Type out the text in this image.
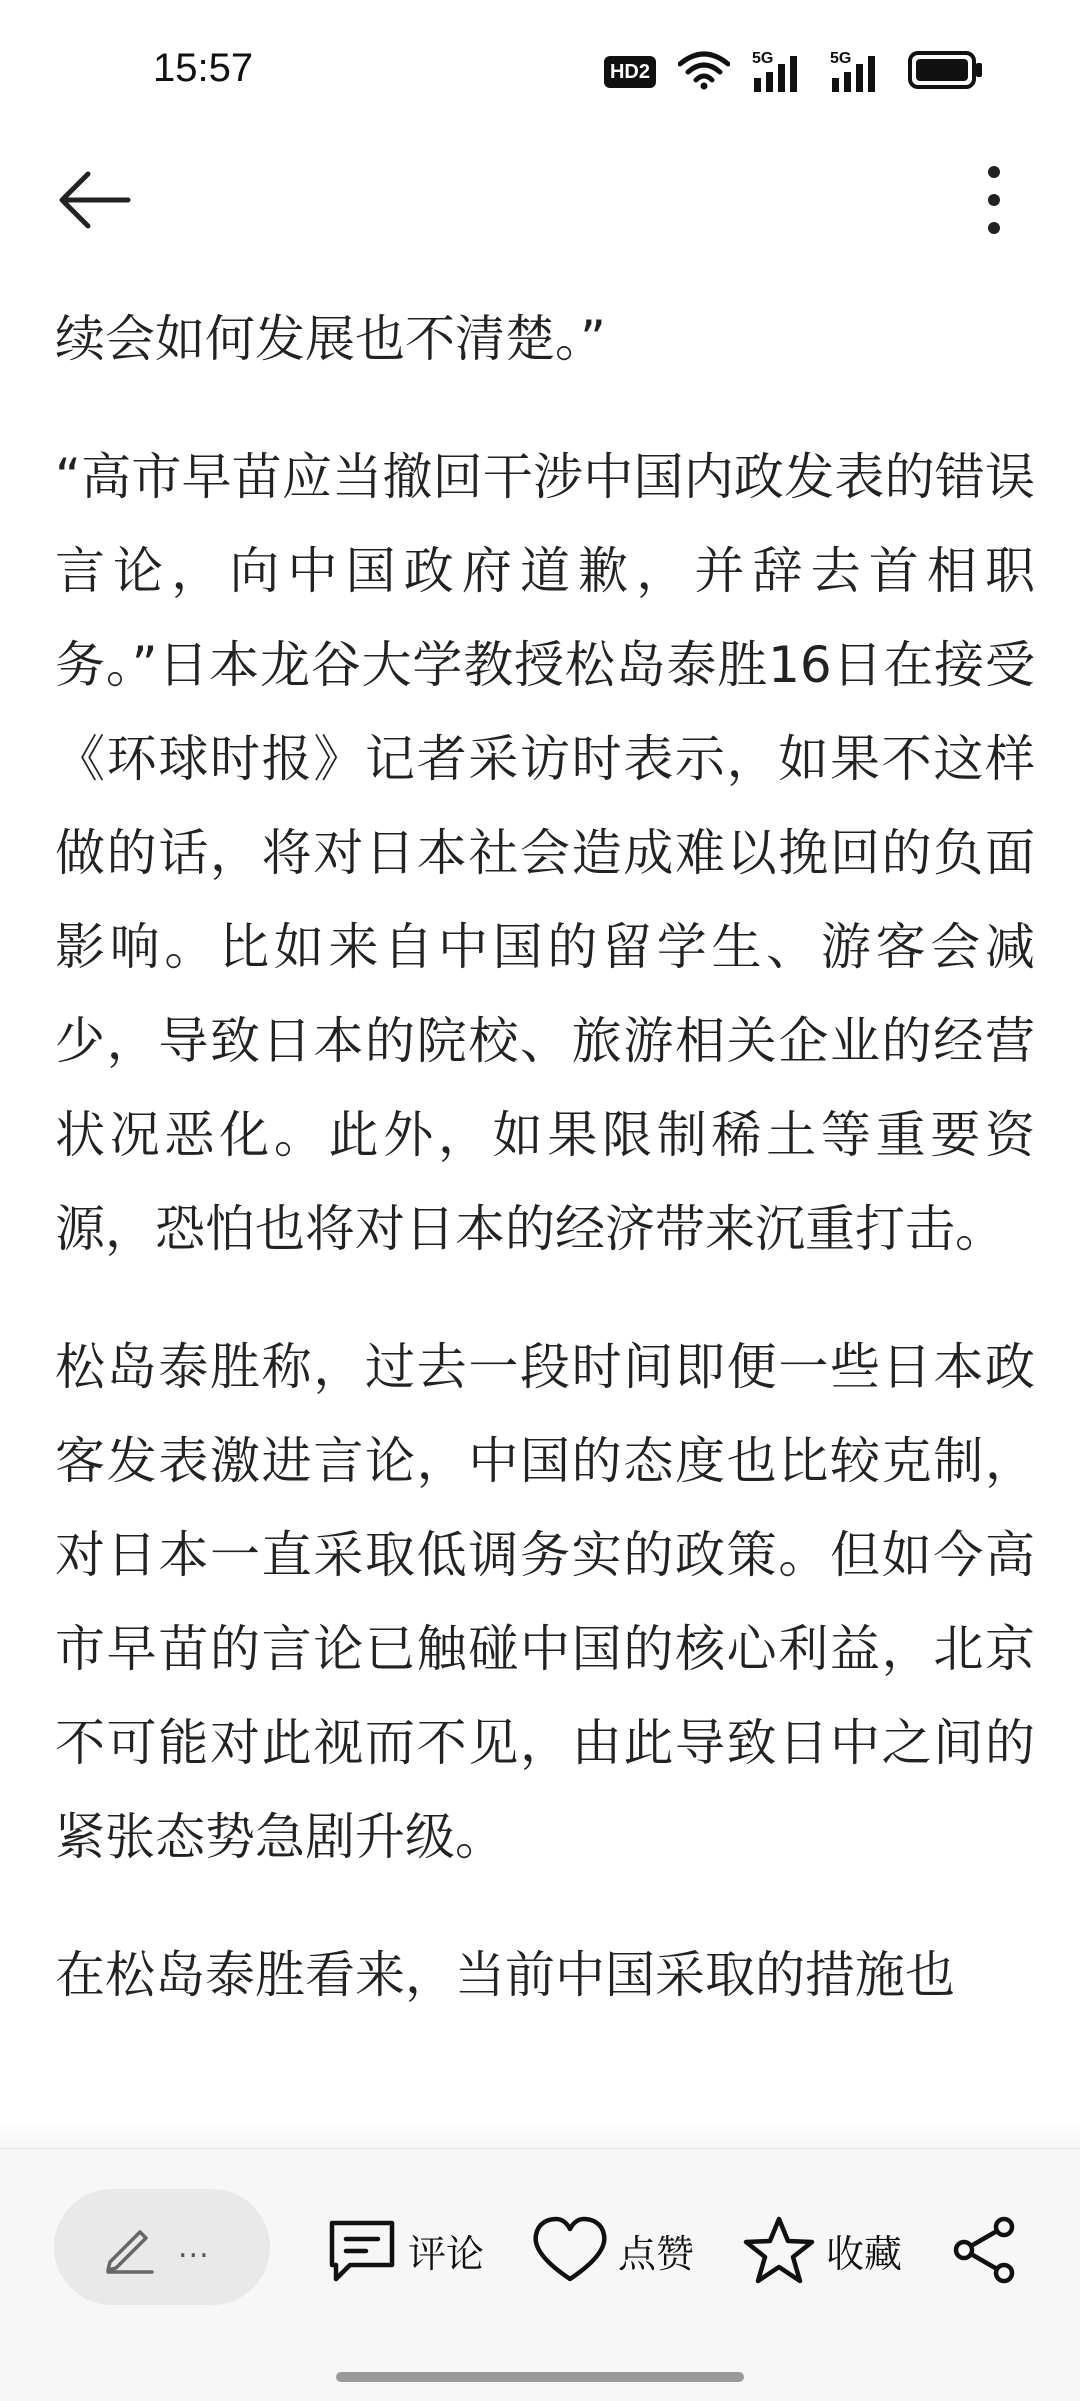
15:57	HD2
5G	5G

续会如何发展也不清楚。”

“高市早苗应当撤回干涉中国内政发表的错误言论，向中国政府道歉，并辞去首相职务。”日本龙谷大学教授松岛泰胜16日在接受《环球时报》记者采访时表示，如果不这样做的话，将对日本社会造成难以挽回的负面影响。比如来自中国的留学生、游客会减少，导致日本的院校、旅游相关企业的经营状况恶化。此外，如果限制稀土等重要资源，恐怕也将对日本的经济带来沉重打击。

松岛泰胜称，过去一段时间即便一些日本政客发表激进言论，中国的态度也比较克制，对日本一直采取低调务实的政策。但如今高市早苗的言论已触碰中国的核心利益，北京不可能对此视而不见，由此导致日中之间的紧张态势急剧升级。

在松岛泰胜看来，当前中国采取的措施也

...	评论	点赞	收藏
